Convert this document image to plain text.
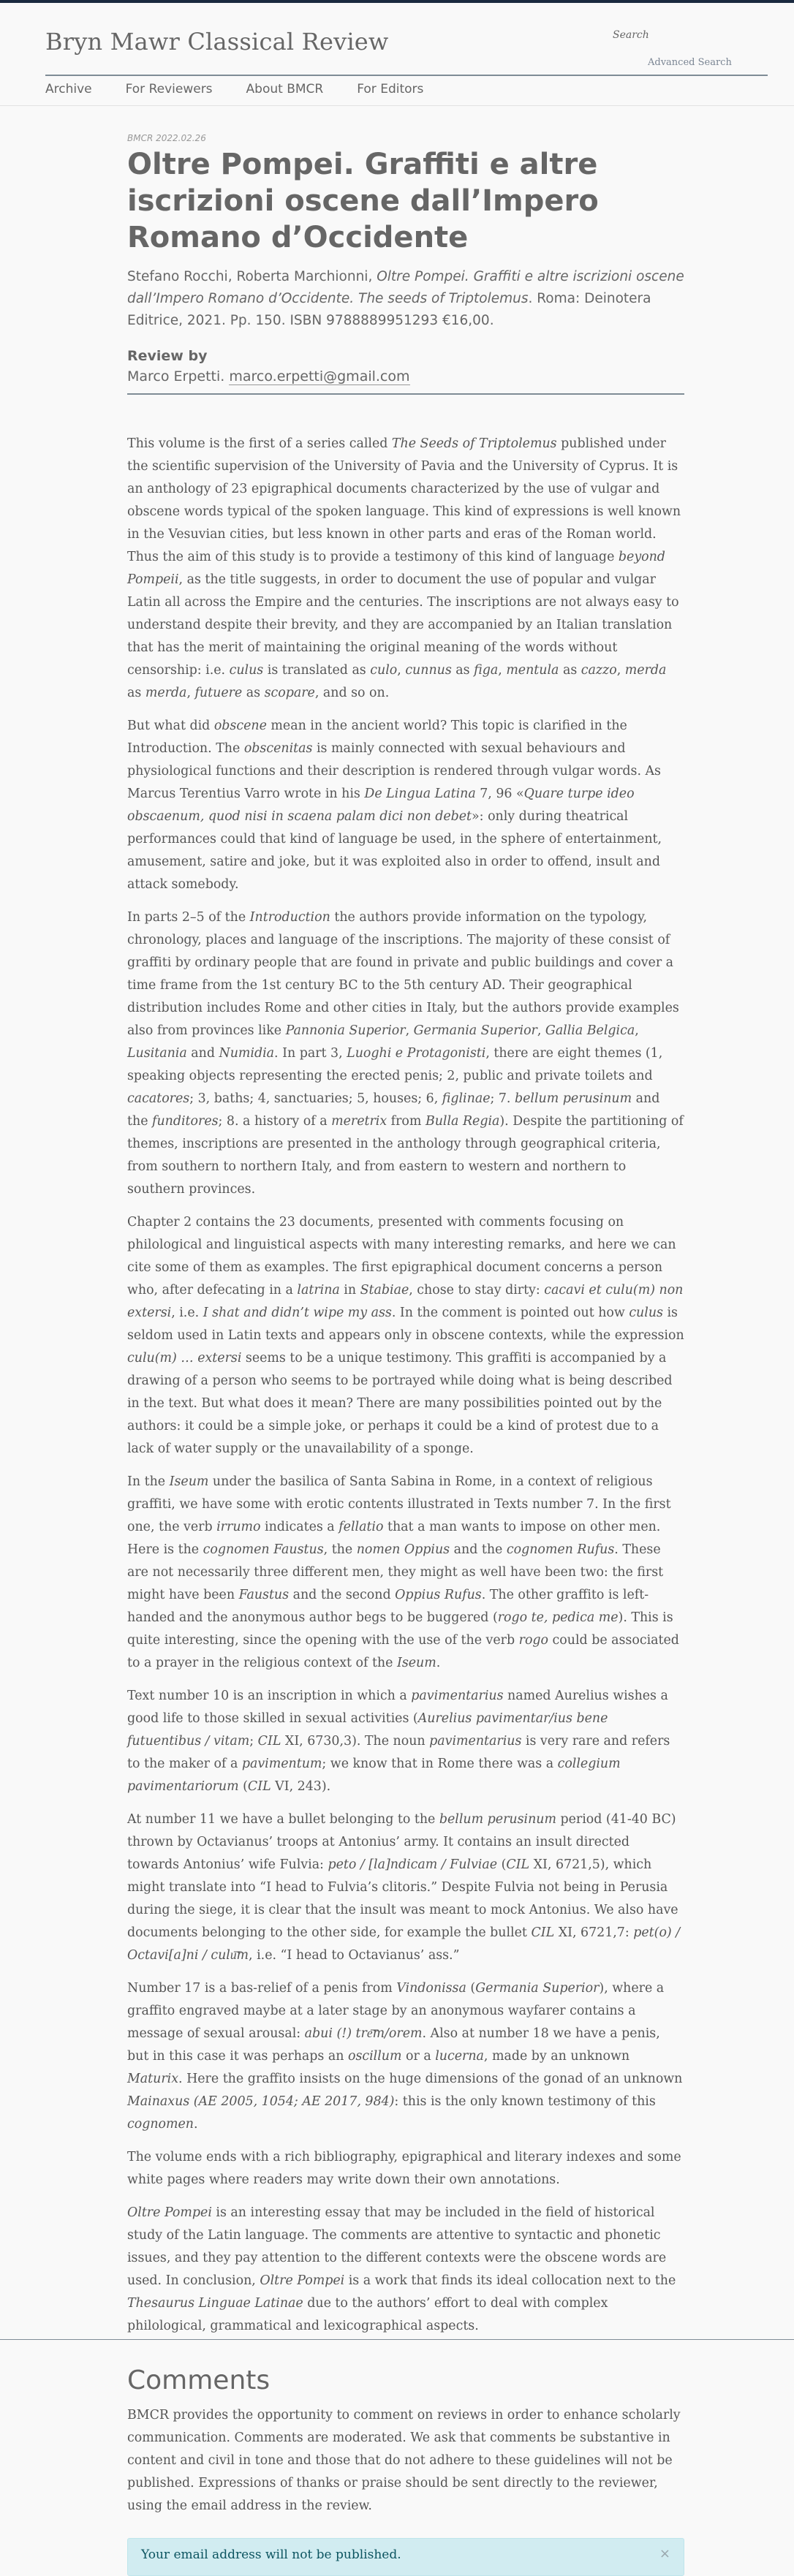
Bryn Mawr Classical Review	Search
Advanced Search
Archive	For Reviewers	About BMCR	For Editors
BMCR 2022.02.26
Oltre Pompei. Graffiti e altre iscrizioni oscene dall’Impero Romano d’Occidente
Stefano Rocchi, Roberta Marchionni, Oltre Pompei. Graffiti e altre iscrizioni oscene dall’Impero Romano d’Occidente. The seeds of Triptolemus. Roma: Deinotera Editrice, 2021. Pp. 150. ISBN 9788889951293 €16,00.
Review by
Marco Erpetti. marco.erpetti@gmail.com

This volume is the first of a series called The Seeds of Triptolemus published under the scientific supervision of the University of Pavia and the University of Cyprus. It is an anthology of 23 epigraphical documents characterized by the use of vulgar and obscene words typical of the spoken language. This kind of expressions is well known in the Vesuvian cities, but less known in other parts and eras of the Roman world. Thus the aim of this study is to provide a testimony of this kind of language beyond Pompeii, as the title suggests, in order to document the use of popular and vulgar Latin all across the Empire and the centuries. The inscriptions are not always easy to understand despite their brevity, and they are accompanied by an Italian translation that has the merit of maintaining the original meaning of the words without censorship: i.e. culus is translated as culo, cunnus as figa, mentula as cazzo, merda as merda, futuere as scopare, and so on.

But what did obscene mean in the ancient world? This topic is clarified in the Introduction. The obscenitas is mainly connected with sexual behaviours and physiological functions and their description is rendered through vulgar words. As Marcus Terentius Varro wrote in his De Lingua Latina 7, 96 «Quare turpe ideo obscaenum, quod nisi in scaena palam dici non debet»: only during theatrical performances could that kind of language be used, in the sphere of entertainment, amusement, satire and joke, but it was exploited also in order to offend, insult and attack somebody.

In parts 2–5 of the Introduction the authors provide information on the typology, chronology, places and language of the inscriptions. The majority of these consist of graffiti by ordinary people that are found in private and public buildings and cover a time frame from the 1st century BC to the 5th century AD. Their geographical distribution includes Rome and other cities in Italy, but the authors provide examples also from provinces like Pannonia Superior, Germania Superior, Gallia Belgica, Lusitania and Numidia. In part 3, Luoghi e Protagonisti, there are eight themes (1, speaking objects representing the erected penis; 2, public and private toilets and cacatores; 3, baths; 4, sanctuaries; 5, houses; 6, figlinae; 7. bellum perusinum and the funditores; 8. a history of a meretrix from Bulla Regia). Despite the partitioning of themes, inscriptions are presented in the anthology through geographical criteria, from southern to northern Italy, and from eastern to western and northern to southern provinces.

Chapter 2 contains the 23 documents, presented with comments focusing on philological and linguistical aspects with many interesting remarks, and here we can cite some of them as examples. The first epigraphical document concerns a person who, after defecating in a latrina in Stabiae, chose to stay dirty: cacavi et culu(m) non extersi, i.e. I shat and didn’t wipe my ass. In the comment is pointed out how culus is seldom used in Latin texts and appears only in obscene contexts, while the expression culu(m) … extersi seems to be a unique testimony. This graffiti is accompanied by a drawing of a person who seems to be portrayed while doing what is being described in the text. But what does it mean? There are many possibilities pointed out by the authors: it could be a simple joke, or perhaps it could be a kind of protest due to a lack of water supply or the unavailability of a sponge.

In the Iseum under the basilica of Santa Sabina in Rome, in a context of religious graffiti, we have some with erotic contents illustrated in Texts number 7. In the first one, the verb irrumo indicates a fellatio that a man wants to impose on other men. Here is the cognomen Faustus, the nomen Oppius and the cognomen Rufus. These are not necessarily three different men, they might as well have been two: the first might have been Faustus and the second Oppius Rufus. The other graffito is left-handed and the anonymous author begs to be buggered (rogo te, pedica me). This is quite interesting, since the opening with the use of the verb rogo could be associated to a prayer in the religious context of the Iseum.

Text number 10 is an inscription in which a pavimentarius named Aurelius wishes a good life to those skilled in sexual activities (Aurelius pavimentar/ius bene futuentibus / vitam; CIL XI, 6730,3). The noun pavimentarius is very rare and refers to the maker of a pavimentum; we know that in Rome there was a collegium pavimentariorum (CIL VI, 243).

At number 11 we have a bullet belonging to the bellum perusinum period (41-40 BC) thrown by Octavianus’ troops at Antonius’ army. It contains an insult directed towards Antonius’ wife Fulvia: peto / [la]ndicam / Fulviae (CIL XI, 6721,5), which might translate into “I head to Fulvia’s clitoris.” Despite Fulvia not being in Perusia during the siege, it is clear that the insult was meant to mock Antonius. We also have documents belonging to the other side, for example the bullet CIL XI, 6721,7: pet(o) / Octavi[a]ni / culu͞m, i.e. “I head to Octavianus’ ass.”

Number 17 is a bas-relief of a penis from Vindonissa (Germania Superior), where a graffito engraved maybe at a later stage by an anonymous wayfarer contains a message of sexual arousal: abui (!) tre͞m/orem. Also at number 18 we have a penis, but in this case it was perhaps an oscillum or a lucerna, made by an unknown Maturix. Here the graffito insists on the huge dimensions of the gonad of an unknown Mainaxus (AE 2005, 1054; AE 2017, 984): this is the only known testimony of this cognomen.

The volume ends with a rich bibliography, epigraphical and literary indexes and some white pages where readers may write down their own annotations.

Oltre Pompei is an interesting essay that may be included in the field of historical study of the Latin language. The comments are attentive to syntactic and phonetic issues, and they pay attention to the different contexts were the obscene words are used. In conclusion, Oltre Pompei is a work that finds its ideal collocation next to the Thesaurus Linguae Latinae due to the authors’ effort to deal with complex philological, grammatical and lexicographical aspects.

Comments

BMCR provides the opportunity to comment on reviews in order to enhance scholarly communication. Comments are moderated. We ask that comments be substantive in content and civil in tone and those that do not adhere to these guidelines will not be published. Expressions of thanks or praise should be sent directly to the reviewer, using the email address in the review.

Your email address will not be published.	×
